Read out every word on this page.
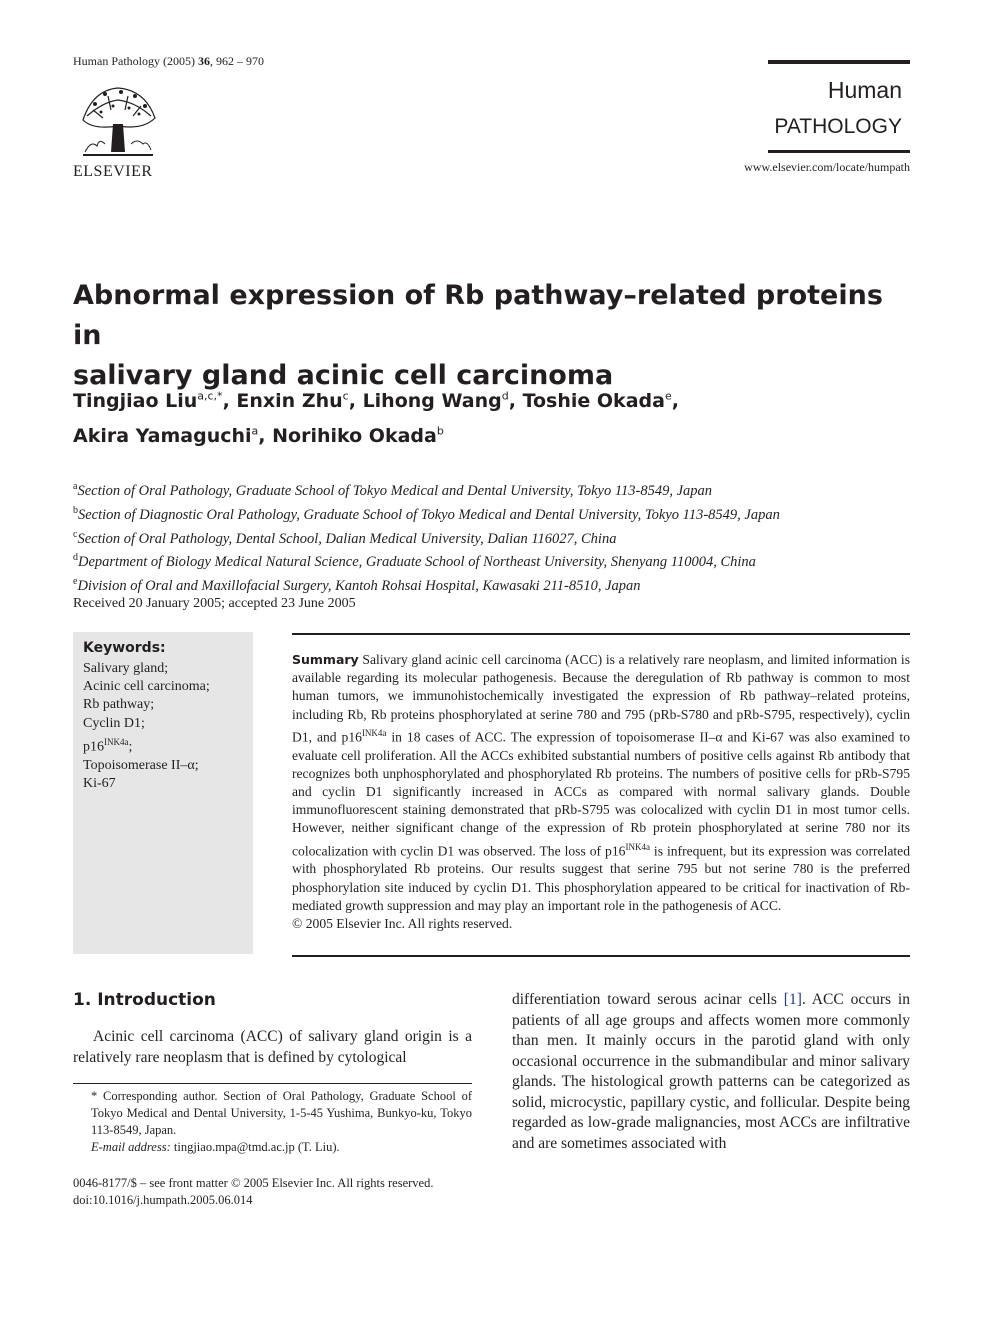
Human Pathology (2005) 36, 962 – 970
ELSEVIER
Human
PATHOLOGY
www.elsevier.com/locate/humpath
Abnormal expression of Rb pathway–related proteins in
salivary gland acinic cell carcinoma
Tingjiao Liu$^{a,c,*}$, Enxin Zhu$^c$, Lihong Wang$^d$, Toshie Okada$^e$,
Akira Yamaguchi$^a$, Norihiko Okada$^b$
$^a$Section of Oral Pathology, Graduate School of Tokyo Medical and Dental University, Tokyo 113-8549, Japan
$^b$Section of Diagnostic Oral Pathology, Graduate School of Tokyo Medical and Dental University, Tokyo 113-8549, Japan
$^c$Section of Oral Pathology, Dental School, Dalian Medical University, Dalian 116027, China
$^d$Department of Biology Medical Natural Science, Graduate School of Northeast University, Shenyang 110004, China
$^e$Division of Oral and Maxillofacial Surgery, Kantoh Rohsai Hospital, Kawasaki 211-8510, Japan
Received 20 January 2005; accepted 23 June 2005
Keywords:
Salivary gland;
Acinic cell carcinoma;
Rb pathway;
Cyclin D1;
$p16^{INK4a}$;
Topoisomerase II–α;
Ki-67
Summary Salivary gland acinic cell carcinoma (ACC) is a relatively rare neoplasm, and limited information is available regarding its molecular pathogenesis. Because the deregulation of Rb pathway is common to most human tumors, we immunohistochemically investigated the expression of Rb pathway–related proteins, including Rb, Rb proteins phosphorylated at serine 780 and 795 (pRb-S780 and pRb-S795, respectively), cyclin D1, and $p16^{INK4a}$ in 18 cases of ACC. The expression of topoisomerase II–α and Ki-67 was also examined to evaluate cell proliferation. All the ACCs exhibited substantial numbers of positive cells against Rb antibody that recognizes both unphosphorylated and phosphorylated Rb proteins. The numbers of positive cells for pRb-S795 and cyclin D1 significantly increased in ACCs as compared with normal salivary glands. Double immunofluorescent staining demonstrated that pRb-S795 was colocalized with cyclin D1 in most tumor cells. However, neither significant change of the expression of Rb protein phosphorylated at serine 780 nor its colocalization with cyclin D1 was observed. The loss of $p16^{INK4a}$ is infrequent, but its expression was correlated with phosphorylated Rb proteins. Our results suggest that serine 795 but not serine 780 is the preferred phosphorylation site induced by cyclin D1. This phosphorylation appeared to be critical for inactivation of Rb-mediated growth suppression and may play an important role in the pathogenesis of ACC.
© 2005 Elsevier Inc. All rights reserved.
1. Introduction
Acinic cell carcinoma (ACC) of salivary gland origin is a relatively rare neoplasm that is defined by cytological
* Corresponding author. Section of Oral Pathology, Graduate School of Tokyo Medical and Dental University, 1-5-45 Yushima, Bunkyo-ku, Tokyo 113-8549, Japan.
E-mail address: tingjiao.mpa@tmd.ac.jp (T. Liu).
0046-8177/$ – see front matter © 2005 Elsevier Inc. All rights reserved.
doi:10.1016/j.humpath.2005.06.014
differentiation toward serous acinar cells [1]. ACC occurs in patients of all age groups and affects women more commonly than men. It mainly occurs in the parotid gland with only occasional occurrence in the submandibular and minor salivary glands. The histological growth patterns can be categorized as solid, microcystic, papillary cystic, and follicular. Despite being regarded as low-grade malignancies, most ACCs are infiltrative and are sometimes associated with
